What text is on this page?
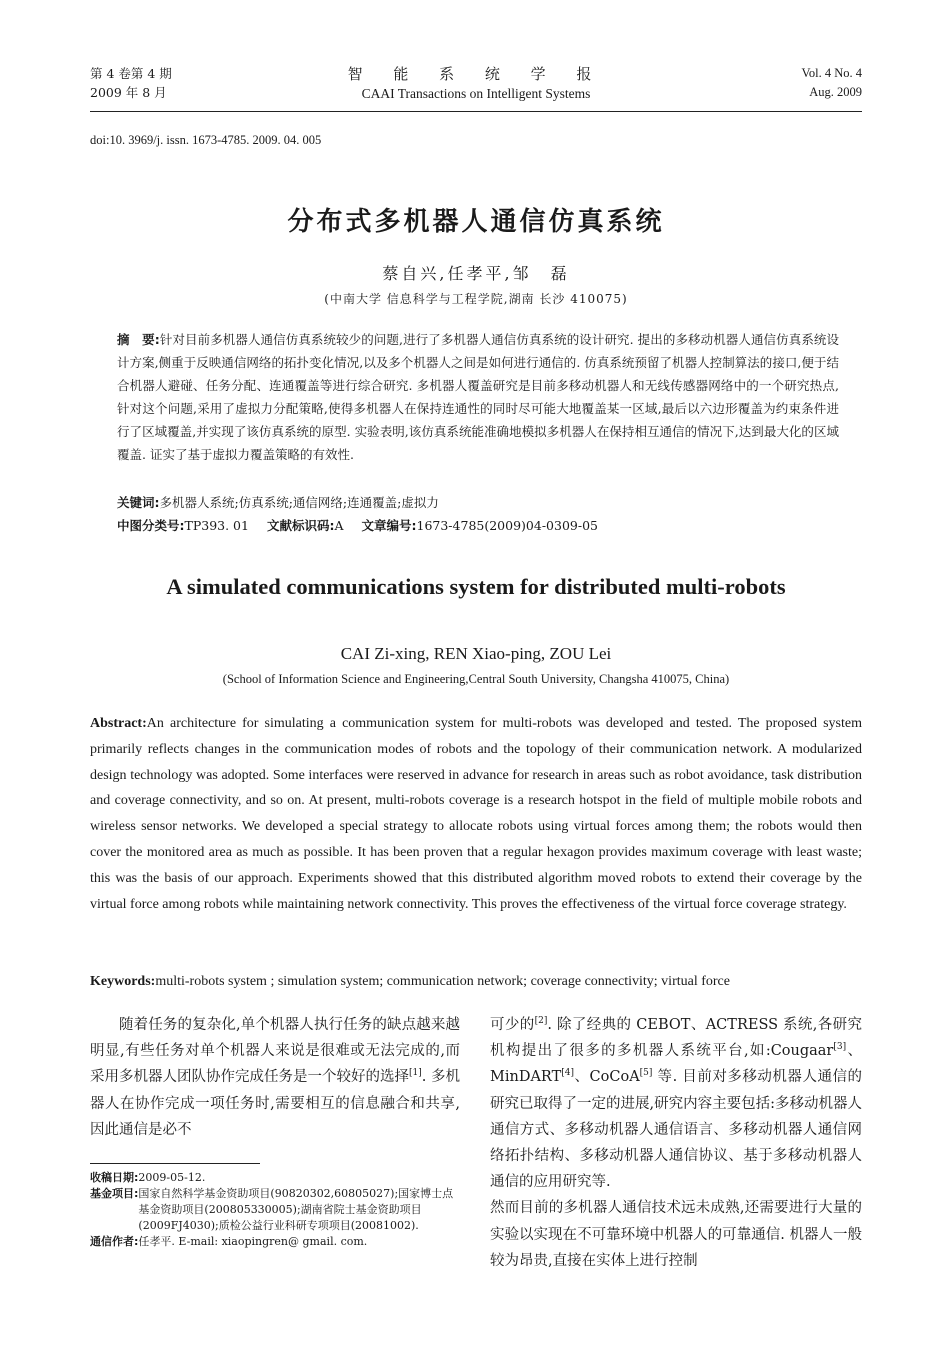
第 4 卷第 4 期
2009 年 8 月
智 能 系 统 学 报
CAAI Transactions on Intelligent Systems
Vol. 4 No. 4
Aug. 2009
doi:10. 3969/j. issn. 1673-4785. 2009. 04. 005
分布式多机器人通信仿真系统
蔡自兴,任孝平,邹　磊
(中南大学 信息科学与工程学院,湖南 长沙 410075)
摘　要:针对目前多机器人通信仿真系统较少的问题,进行了多机器人通信仿真系统的设计研究. 提出的多移动机器人通信仿真系统设计方案,侧重于反映通信网络的拓扑变化情况,以及多个机器人之间是如何进行通信的. 仿真系统预留了机器人控制算法的接口,便于结合机器人避碰、任务分配、连通覆盖等进行综合研究. 多机器人覆盖研究是目前多移动机器人和无线传感器网络中的一个研究热点,针对这个问题,采用了虚拟力分配策略,使得多机器人在保持连通性的同时尽可能大地覆盖某一区域,最后以六边形覆盖为约束条件进行了区域覆盖,并实现了该仿真系统的原型. 实验表明,该仿真系统能准确地模拟多机器人在保持相互通信的情况下,达到最大化的区域覆盖. 证实了基于虚拟力覆盖策略的有效性.
关键词:多机器人系统;仿真系统;通信网络;连通覆盖;虚拟力
中图分类号:TP393. 01 文献标识码:A 文章编号:1673-4785(2009)04-0309-05
A simulated communications system for distributed multi-robots
CAI Zi-xing, REN Xiao-ping, ZOU Lei
(School of Information Science and Engineering,Central South University, Changsha 410075, China)
Abstract:An architecture for simulating a communication system for multi-robots was developed and tested. The proposed system primarily reflects changes in the communication modes of robots and the topology of their communication network. A modularized design technology was adopted. Some interfaces were reserved in advance for research in areas such as robot avoidance, task distribution and coverage connectivity, and so on. At present, multi-robots coverage is a research hotspot in the field of multiple mobile robots and wireless sensor networks. We developed a special strategy to allocate robots using virtual forces among them; the robots would then cover the monitored area as much as possible. It has been proven that a regular hexagon provides maximum coverage with least waste; this was the basis of our approach. Experiments showed that this distributed algorithm moved robots to extend their coverage by the virtual force among robots while maintaining network connectivity. This proves the effectiveness of the virtual force coverage strategy.
Keywords:multi-robots system ; simulation system; communication network; coverage connectivity; virtual force
随着任务的复杂化,单个机器人执行任务的缺点越来越明显,有些任务对单个机器人来说是很难或无法完成的,而采用多机器人团队协作完成任务是一个较好的选择[1]. 多机器人在协作完成一项任务时,需要相互的信息融合和共享,因此通信是必不
收稿日期: 2009-05-12.
基金项目: 国家自然科学基金资助项目(90820302,60805027);国家博士点基金资助项目(200805330005);湖南省院士基金资助项目(2009FJ4030);质检公益行业科研专项项目(20081002).
通信作者: 任孝平. E-mail: xiaopingren@ gmail. com.
可少的[2]. 除了经典的 CEBOT、ACTRESS 系统,各研究机构提出了很多的多机器人系统平台,如:Cougaar[3]、MinDART[4]、CoCoA[5] 等. 目前对多移动机器人通信的研究已取得了一定的进展,研究内容主要包括:多移动机器人通信方式、多移动机器人通信语言、多移动机器人通信网络拓扑结构、多移动机器人通信协议、基于多移动机器人通信的应用研究等.
然而目前的多机器人通信技术远未成熟,还需要进行大量的实验以实现在不可靠环境中机器人的可靠通信. 机器人一般较为昂贵,直接在实体上进行控制
